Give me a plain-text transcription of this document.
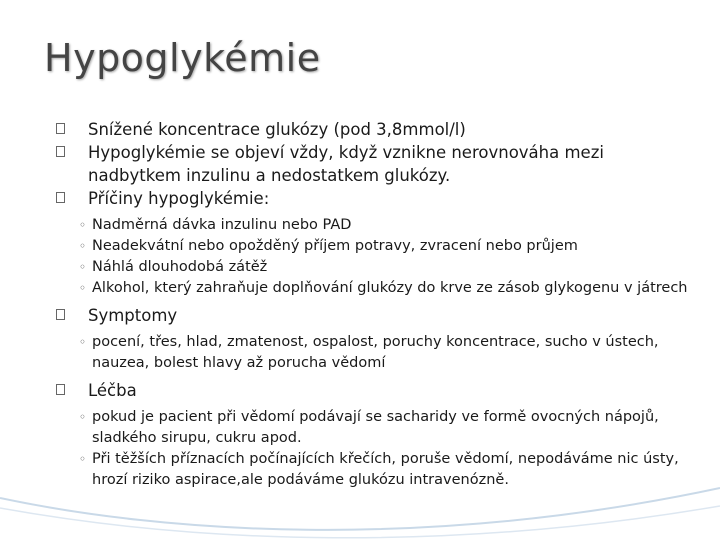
Hypoglykémie
Snížené koncentrace glukózy (pod 3,8mmol/l)
Hypoglykémie se objeví vždy, když vznikne nerovnováha mezi nadbytkem inzulinu a nedostatkem glukózy.
Příčiny hypoglykémie:
◦ Nadměrná dávka inzulinu nebo PAD
◦ Neadekvátní nebo opožděný příjem potravy, zvracení nebo průjem
◦ Náhlá dlouhodobá zátěž
◦ Alkohol, který zahraňuje doplňování glukózy do krve ze zásob glykogenu v játrech
Symptomy
◦ pocení, třes, hlad, zmatenost, ospalost, poruchy koncentrace, sucho v ústech, nauzea, bolest hlavy až porucha vědomí
Léčba
◦ pokud je pacient při vědomí podávají se sacharidy ve formě ovocných nápojů, sladkého sirupu, cukru apod.
◦ Při těžších příznacích počínajících křečích, poruše vědomí, nepodáváme nic ústy, hrozí riziko aspirace,ale podáváme glukózu intravenózně.
